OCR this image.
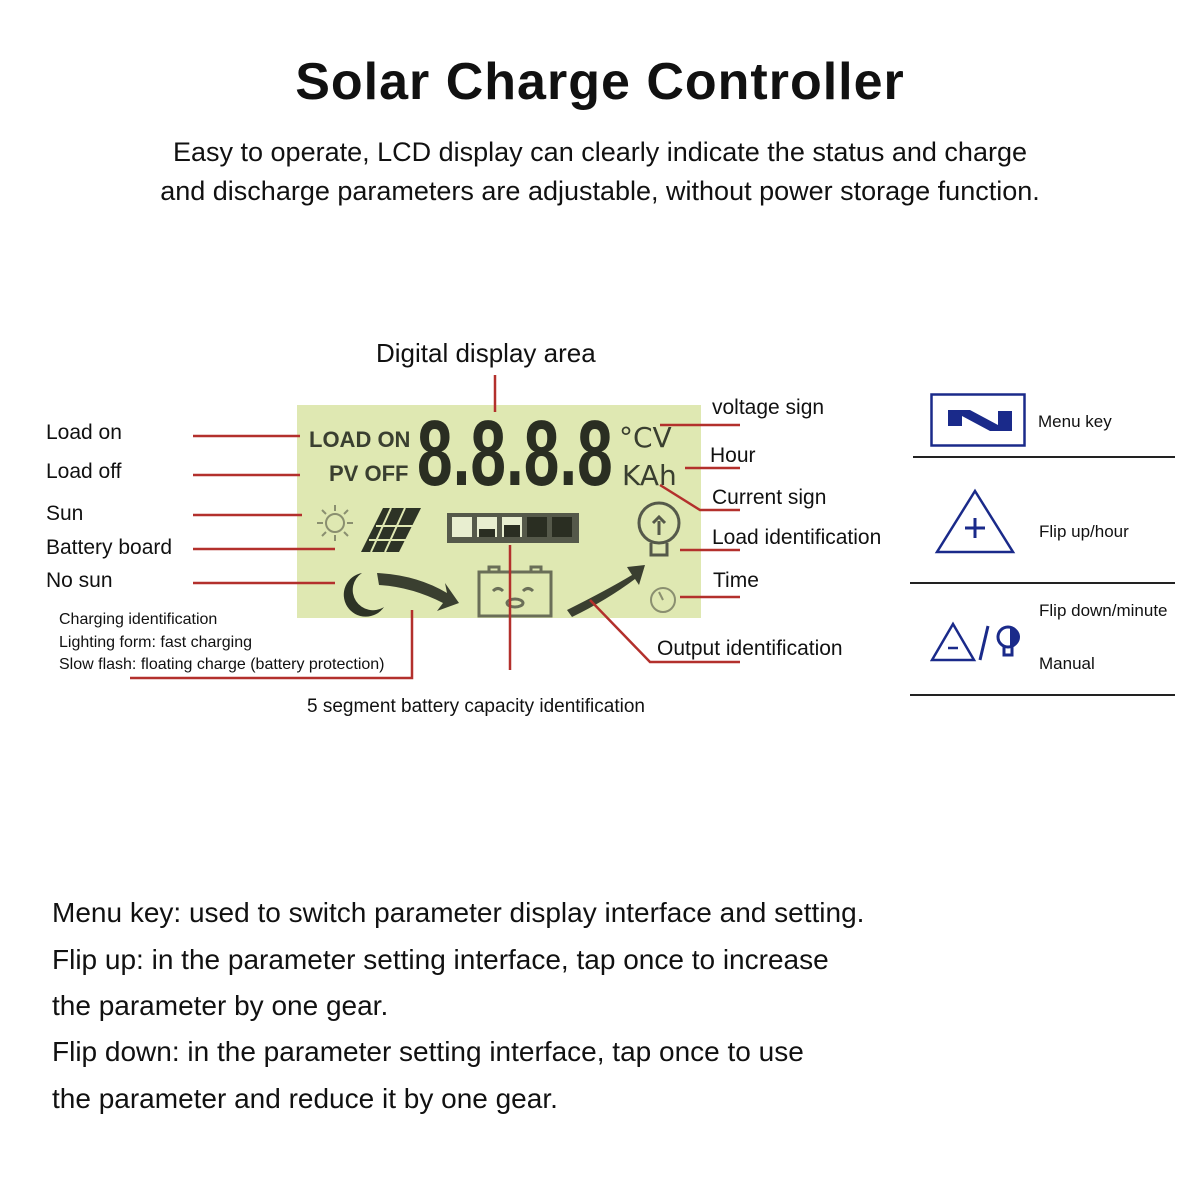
Solar Charge Controller
Easy to operate, LCD display can clearly indicate the status and charge
and discharge parameters are adjustable, without power storage function.
LOAD ON
PV OFF 8.8.8.8 °CV
KAh
Digital display area
Load on
Load off
Sun
Battery board
No sun
Charging identification
Lighting form: fast charging
Slow flash: floating charge (battery protection)
5 segment battery capacity identification
voltage sign
Hour
Current sign
Load identification
Time
Output identification
Menu key
Flip up/hour
Flip down/minute
Manual
Menu key: used to switch parameter display interface and setting.
Flip up: in the parameter setting interface, tap once to increase
the parameter by one gear.
Flip down: in the parameter setting interface, tap once to use
the parameter and reduce it by one gear.
